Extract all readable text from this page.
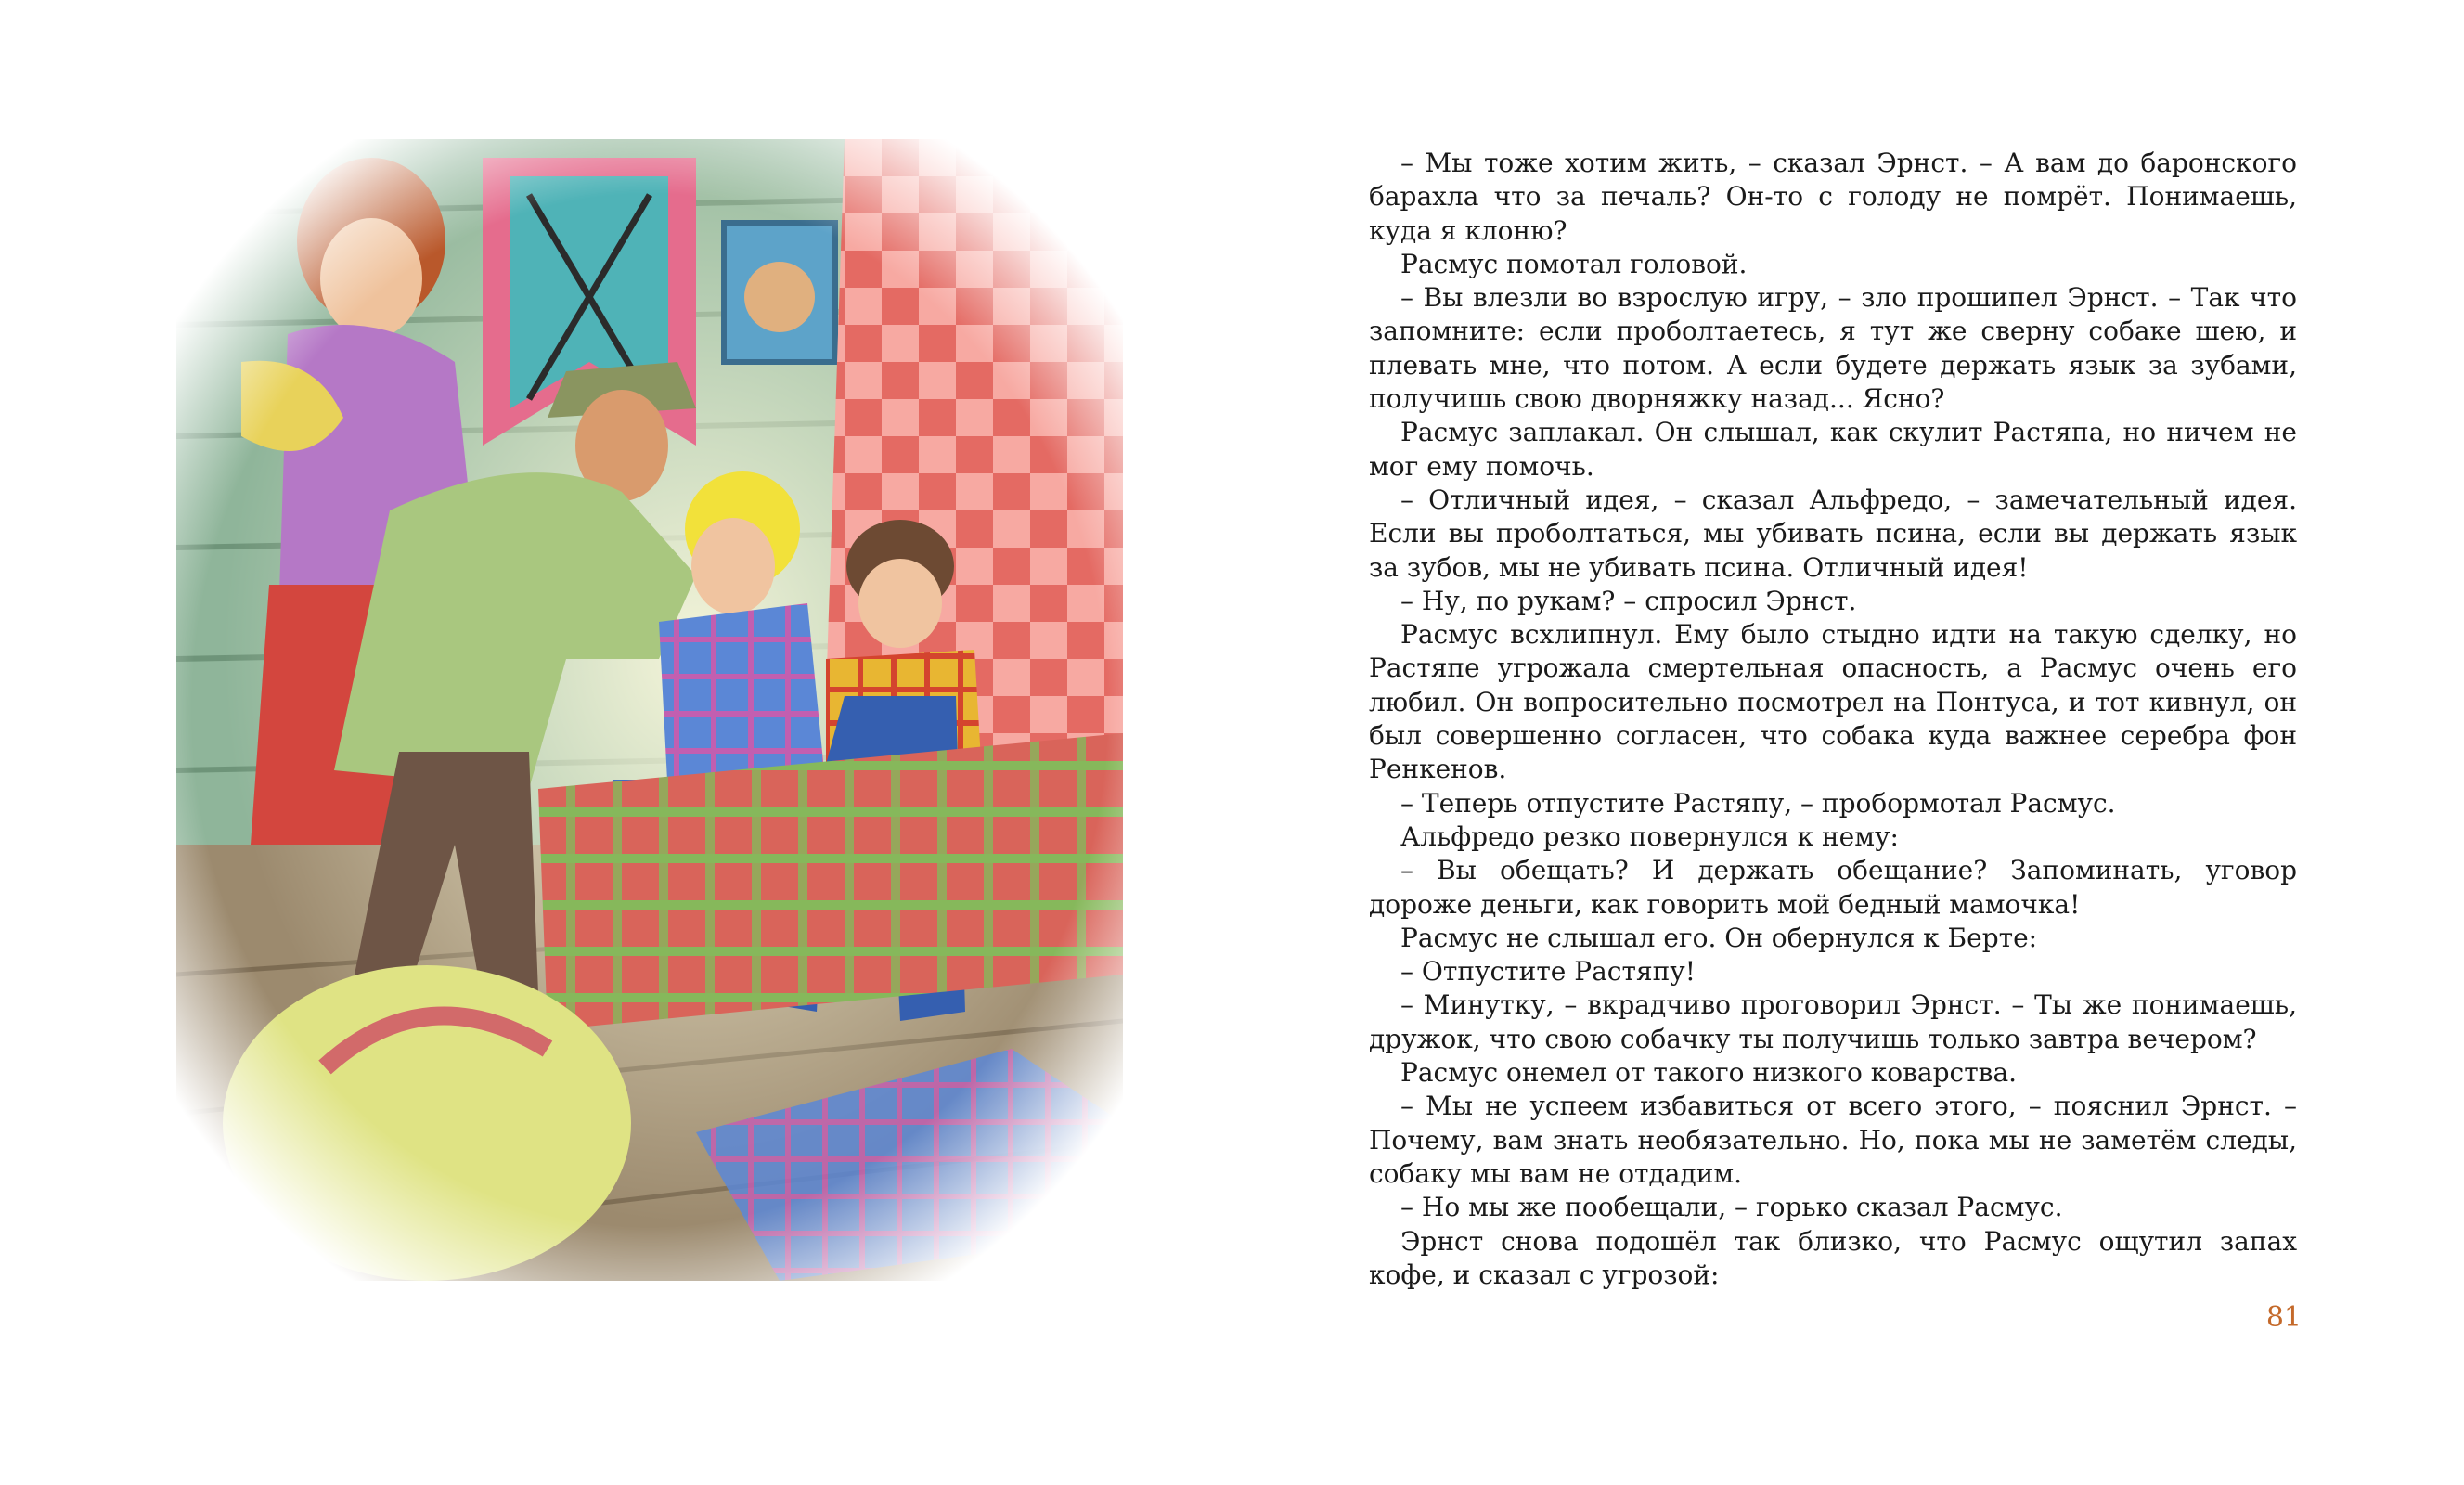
– Мы тоже хотим жить, – сказал Эрнст. – А вам до баронского барахла что за печаль? Он-то с голоду не помрёт. Понимаешь, куда я клоню?

Расмус помотал головой.

– Вы влезли во взрослую игру, – зло прошипел Эрнст. – Так что запомните: если проболтаетесь, я тут же сверну собаке шею, и плевать мне, что потом. А если будете держать язык за зубами, получишь свою дворняжку назад... Ясно?

Расмус заплакал. Он слышал, как скулит Растяпа, но ничем не мог ему помочь.

– Отличный идея, – сказал Альфредо, – замечательный идея. Если вы проболтаться, мы убивать псина, если вы держать язык за зубов, мы не убивать псина. Отличный идея!

– Ну, по рукам? – спросил Эрнст.

Расмус всхлипнул. Ему было стыдно идти на такую сделку, но Растяпе угрожала смертельная опасность, а Расмус очень его любил. Он вопросительно посмотрел на Понтуса, и тот кивнул, он был совершенно согласен, что собака куда важнее серебра фон Ренкенов.

– Теперь отпустите Растяпу, – пробормотал Расмус.

Альфредо резко повернулся к нему:

– Вы обещать? И держать обещание? Запоминать, уговор дороже деньги, как говорить мой бедный мамочка!

Расмус не слышал его. Он обернулся к Берте:

– Отпустите Растяпу!

– Минутку, – вкрадчиво проговорил Эрнст. – Ты же понимаешь, дружок, что свою собачку ты получишь только завтра вечером?

Расмус онемел от такого низкого коварства.

– Мы не успеем избавиться от всего этого, – пояснил Эрнст. – Почему, вам знать необязательно. Но, пока мы не заметём следы, собаку мы вам не отдадим.

– Но мы же пообещали, – горько сказал Расмус.

Эрнст снова подошёл так близко, что Расмус ощутил запах кофе, и сказал с угрозой:

81
